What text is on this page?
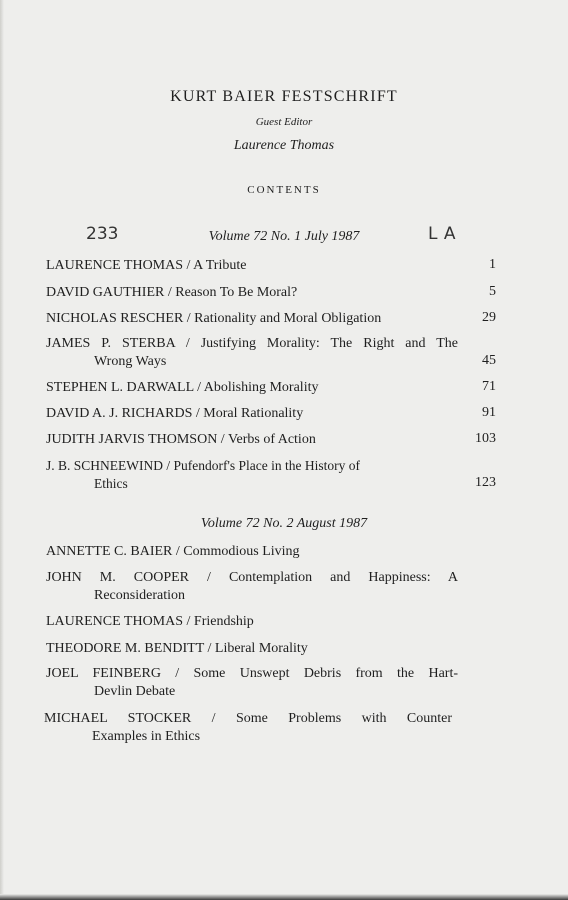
KURT BAIER FESTSCHRIFT
Guest Editor
Laurence Thomas
CONTENTS
233	LA
Volume 72 No. 1 July 1987
LAURENCE THOMAS / A Tribute	1
DAVID GAUTHIER / Reason To Be Moral?	5
NICHOLAS RESCHER / Rationality and Moral Obligation	29
JAMES P. STERBA / Justifying Morality: The Right and The
Wrong Ways	45
STEPHEN L. DARWALL / Abolishing Morality	71
DAVID A. J. RICHARDS / Moral Rationality	91
JUDITH JARVIS THOMSON / Verbs of Action	103
J. B. SCHNEEWIND / Pufendorf's Place in the History of
Ethics	123
Volume 72 No. 2 August 1987
ANNETTE C. BAIER / Commodious Living
JOHN M. COOPER / Contemplation and Happiness: A
Reconsideration
LAURENCE THOMAS / Friendship
THEODORE M. BENDITT / Liberal Morality
JOEL FEINBERG / Some Unswept Debris from the Hart-
Devlin Debate
MICHAEL STOCKER / Some Problems with Counter
Examples in Ethics
